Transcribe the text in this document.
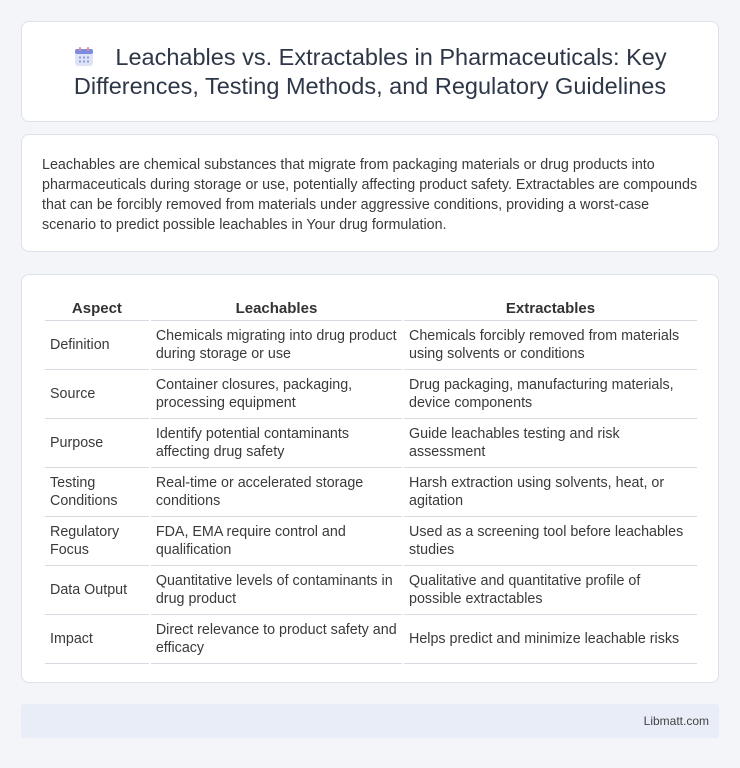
Leachables vs. Extractables in Pharmaceuticals: Key Differences, Testing Methods, and Regulatory Guidelines

Leachables are chemical substances that migrate from packaging materials or drug products into pharmaceuticals during storage or use, potentially affecting product safety. Extractables are compounds that can be forcibly removed from materials under aggressive conditions, providing a worst-case scenario to predict possible leachables in Your drug formulation.

Aspect	Leachables	Extractables
Definition	Chemicals migrating into drug product during storage or use	Chemicals forcibly removed from materials using solvents or conditions
Source	Container closures, packaging, processing equipment	Drug packaging, manufacturing materials, device components
Purpose	Identify potential contaminants affecting drug safety	Guide leachables testing and risk assessment
Testing Conditions	Real-time or accelerated storage conditions	Harsh extraction using solvents, heat, or agitation
Regulatory Focus	FDA, EMA require control and qualification	Used as a screening tool before leachables studies
Data Output	Quantitative levels of contaminants in drug product	Qualitative and quantitative profile of possible extractables
Impact	Direct relevance to product safety and efficacy	Helps predict and minimize leachable risks
Libmatt.com
